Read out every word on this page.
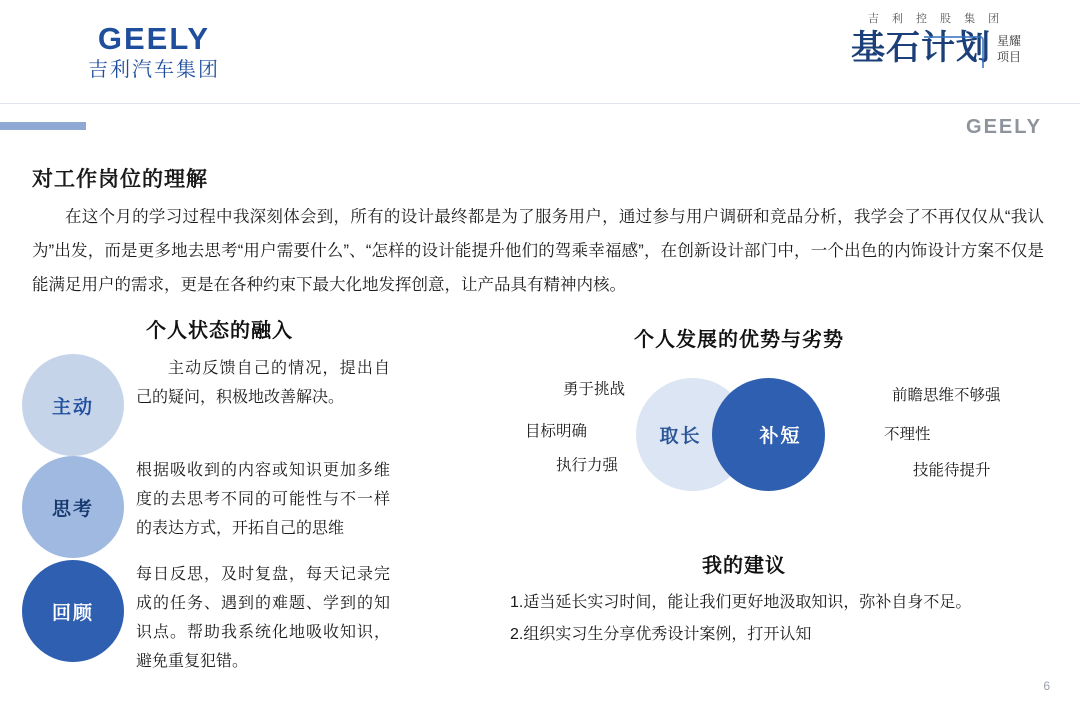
GEELY
吉利汽车集团
吉 利 控 股 集 团
基石计划 星耀
项目
GEELY
对工作岗位的理解
在这个月的学习过程中我深刻体会到，所有的设计最终都是为了服务用户，通过参与用户调研和竞品分析，我学会了不再仅仅从“我认为”出发，而是更多地去思考“用户需要什么”、“怎样的设计能提升他们的驾乘幸福感”，在创新设计部门中，一个出色的内饰设计方案不仅是能满足用户的需求，更是在各种约束下最大化地发挥创意，让产品具有精神内核。
个人状态的融入
主动
主动反馈自己的情况，提出自己的疑问，积极地改善解决。
思考
根据吸收到的内容或知识更加多维度的去思考不同的可能性与不一样的表达方式，开拓自己的思维
回顾
每日反思，及时复盘，每天记录完成的任务、遇到的难题、学到的知识点。帮助我系统化地吸收知识，避免重复犯错。
个人发展的优势与劣势
取长	补短
勇于挑战
目标明确
执行力强
前瞻思维不够强
不理性
技能待提升
我的建议
1.适当延长实习时间，能让我们更好地汲取知识，弥补自身不足。
2.组织实习生分享优秀设计案例，打开认知
6
